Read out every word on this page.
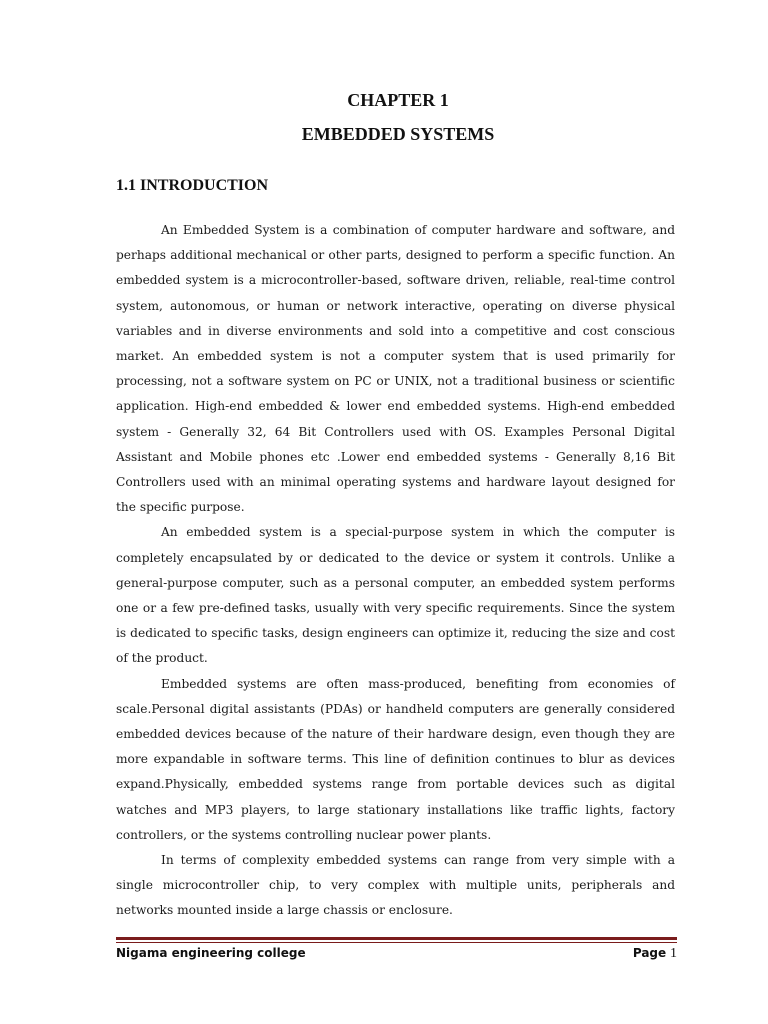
CHAPTER 1
EMBEDDED SYSTEMS
1.1 INTRODUCTION

An Embedded System is a combination of computer hardware and software, and perhaps additional mechanical or other parts, designed to perform a specific function. An embedded system is a microcontroller-based, software driven, reliable, real-time control system, autonomous, or human or network interactive, operating on diverse physical variables and in diverse environments and sold into a competitive and cost conscious market. An embedded system is not a computer system that is used primarily for processing, not a software system on PC or UNIX, not a traditional business or scientific application. High-end embedded & lower end embedded systems. High-end embedded system - Generally 32, 64 Bit Controllers used with OS. Examples Personal Digital Assistant and Mobile phones etc .Lower end embedded systems - Generally 8,16 Bit Controllers used with an minimal operating systems and hardware layout designed for the specific purpose.

An embedded system is a special-purpose system in which the computer is completely encapsulated by or dedicated to the device or system it controls. Unlike a general-purpose computer, such as a personal computer, an embedded system performs one or a few pre-defined tasks, usually with very specific requirements. Since the system is dedicated to specific tasks, design engineers can optimize it, reducing the size and cost of the product.

Embedded systems are often mass-produced, benefiting from economies of scale.Personal digital assistants (PDAs) or handheld computers are generally considered embedded devices because of the nature of their hardware design, even though they are more expandable in software terms. This line of definition continues to blur as devices expand.Physically, embedded systems range from portable devices such as digital watches and MP3 players, to large stationary installations like traffic lights, factory controllers, or the systems controlling nuclear power plants.

In terms of complexity embedded systems can range from very simple with a single microcontroller chip, to very complex with multiple units, peripherals and networks mounted inside a large chassis or enclosure.

Nigama engineering college	Page 1
